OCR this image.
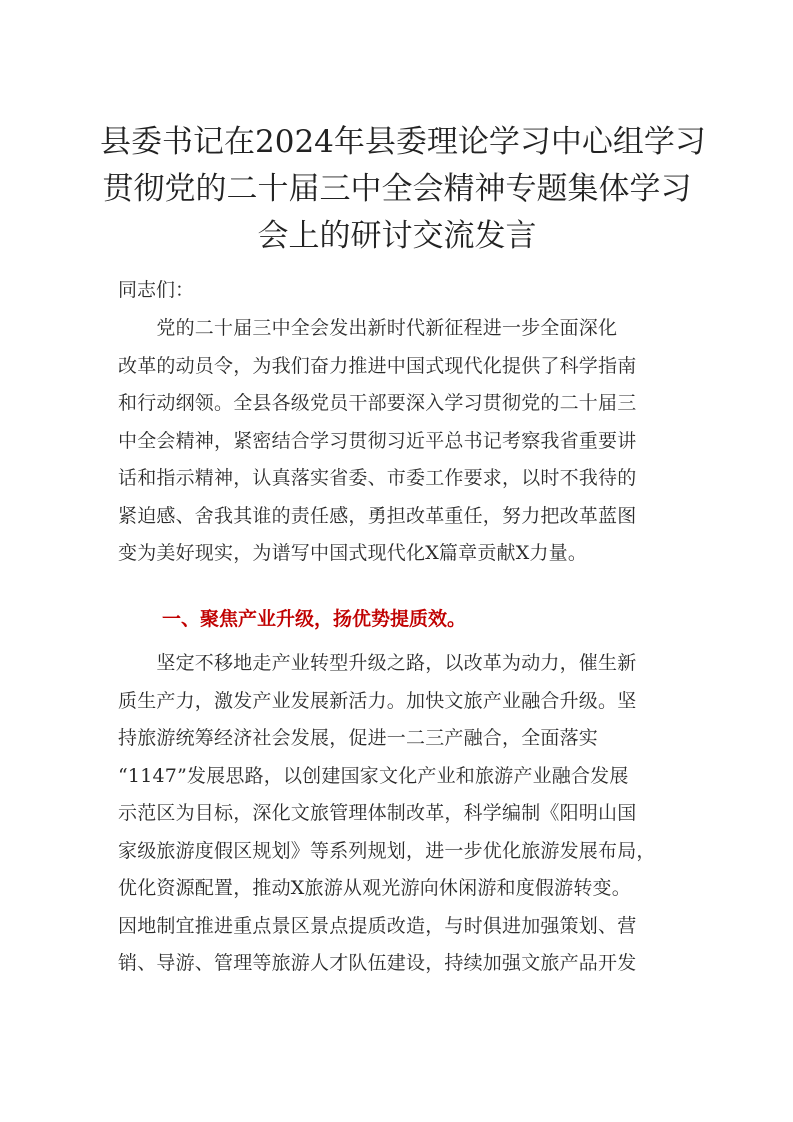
县委书记在2024年县委理论学习中心组学习
贯彻党的二十届三中全会精神专题集体学习
会上的研讨交流发言

同志们：

　　党的二十届三中全会发出新时代新征程进一步全面深化
改革的动员令，为我们奋力推进中国式现代化提供了科学指南
和行动纲领。全县各级党员干部要深入学习贯彻党的二十届三
中全会精神，紧密结合学习贯彻习近平总书记考察我省重要讲
话和指示精神，认真落实省委、市委工作要求，以时不我待的
紧迫感、舍我其谁的责任感，勇担改革重任，努力把改革蓝图
变为美好现实，为谱写中国式现代化X篇章贡献X力量。

一、聚焦产业升级，扬优势提质效。

　　坚定不移地走产业转型升级之路，以改革为动力，催生新
质生产力，激发产业发展新活力。加快文旅产业融合升级。坚
持旅游统筹经济社会发展，促进一二三产融合，全面落实
“1147”发展思路，以创建国家文化产业和旅游产业融合发展
示范区为目标，深化文旅管理体制改革，科学编制《阳明山国
家级旅游度假区规划》等系列规划，进一步优化旅游发展布局，
优化资源配置，推动X旅游从观光游向休闲游和度假游转变。
因地制宜推进重点景区景点提质改造，与时俱进加强策划、营
销、导游、管理等旅游人才队伍建设，持续加强文旅产品开发
